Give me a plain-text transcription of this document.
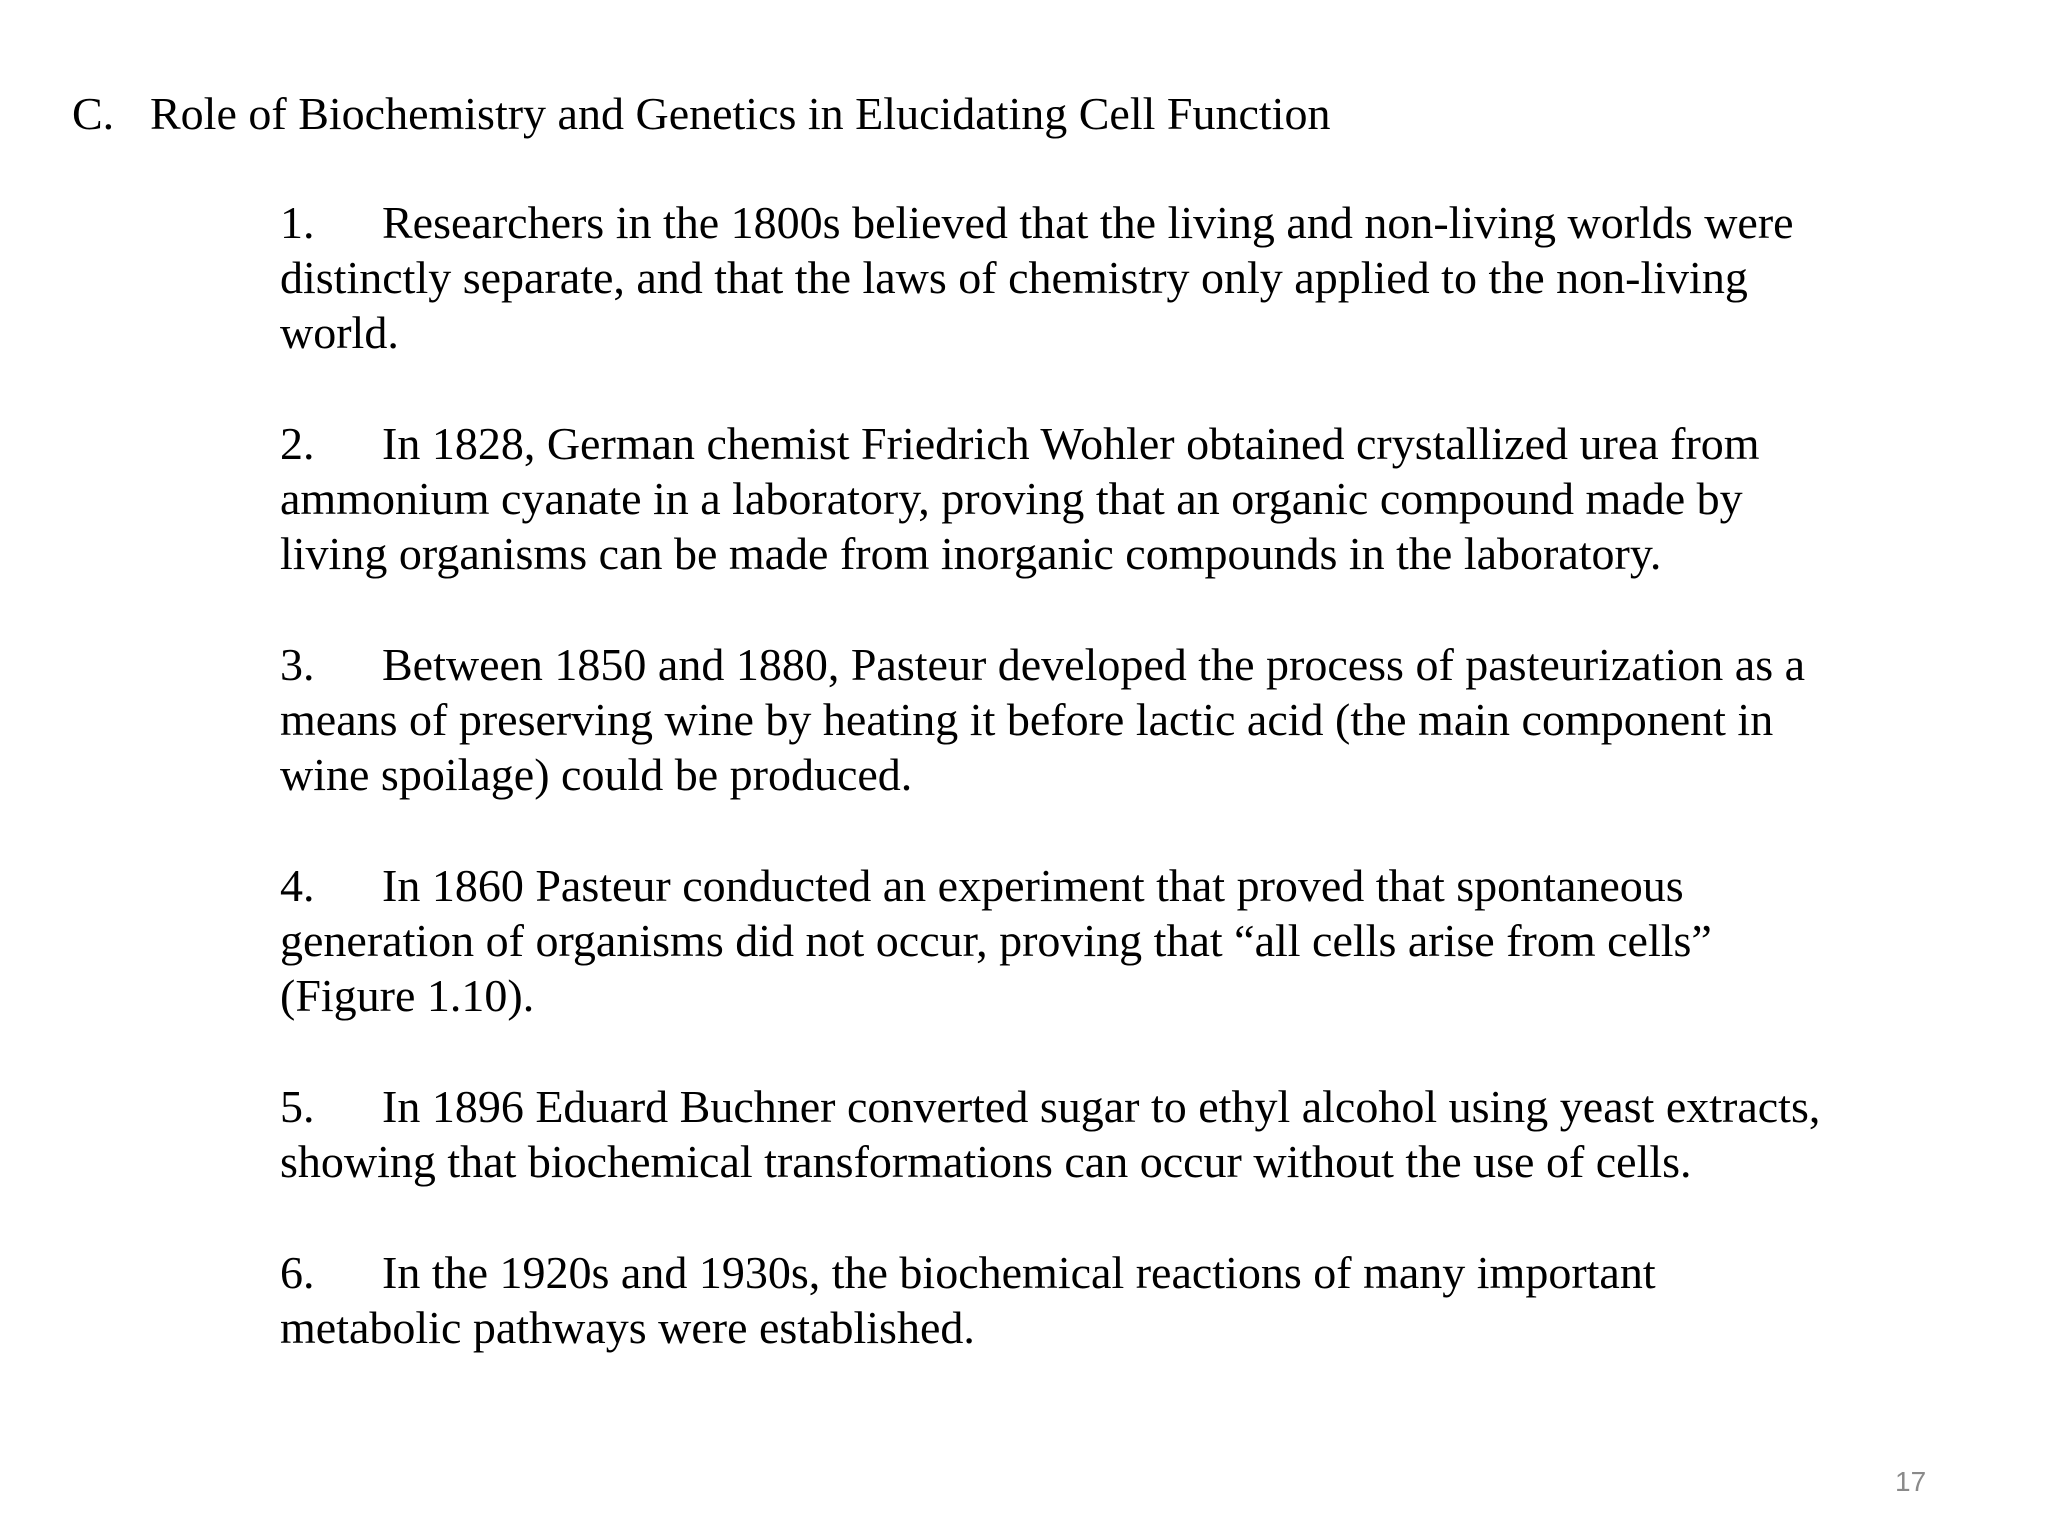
C. Role of Biochemistry and Genetics in Elucidating Cell Function
1. Researchers in the 1800s believed that the living and non-living worlds were
distinctly separate, and that the laws of chemistry only applied to the non-living
world.
2. In 1828, German chemist Friedrich Wohler obtained crystallized urea from
ammonium cyanate in a laboratory, proving that an organic compound made by
living organisms can be made from inorganic compounds in the laboratory.
3. Between 1850 and 1880, Pasteur developed the process of pasteurization as a
means of preserving wine by heating it before lactic acid (the main component in
wine spoilage) could be produced.
4. In 1860 Pasteur conducted an experiment that proved that spontaneous
generation of organisms did not occur, proving that “all cells arise from cells”
(Figure 1.10).
5. In 1896 Eduard Buchner converted sugar to ethyl alcohol using yeast extracts,
showing that biochemical transformations can occur without the use of cells.
6. In the 1920s and 1930s, the biochemical reactions of many important
metabolic pathways were established.
17
